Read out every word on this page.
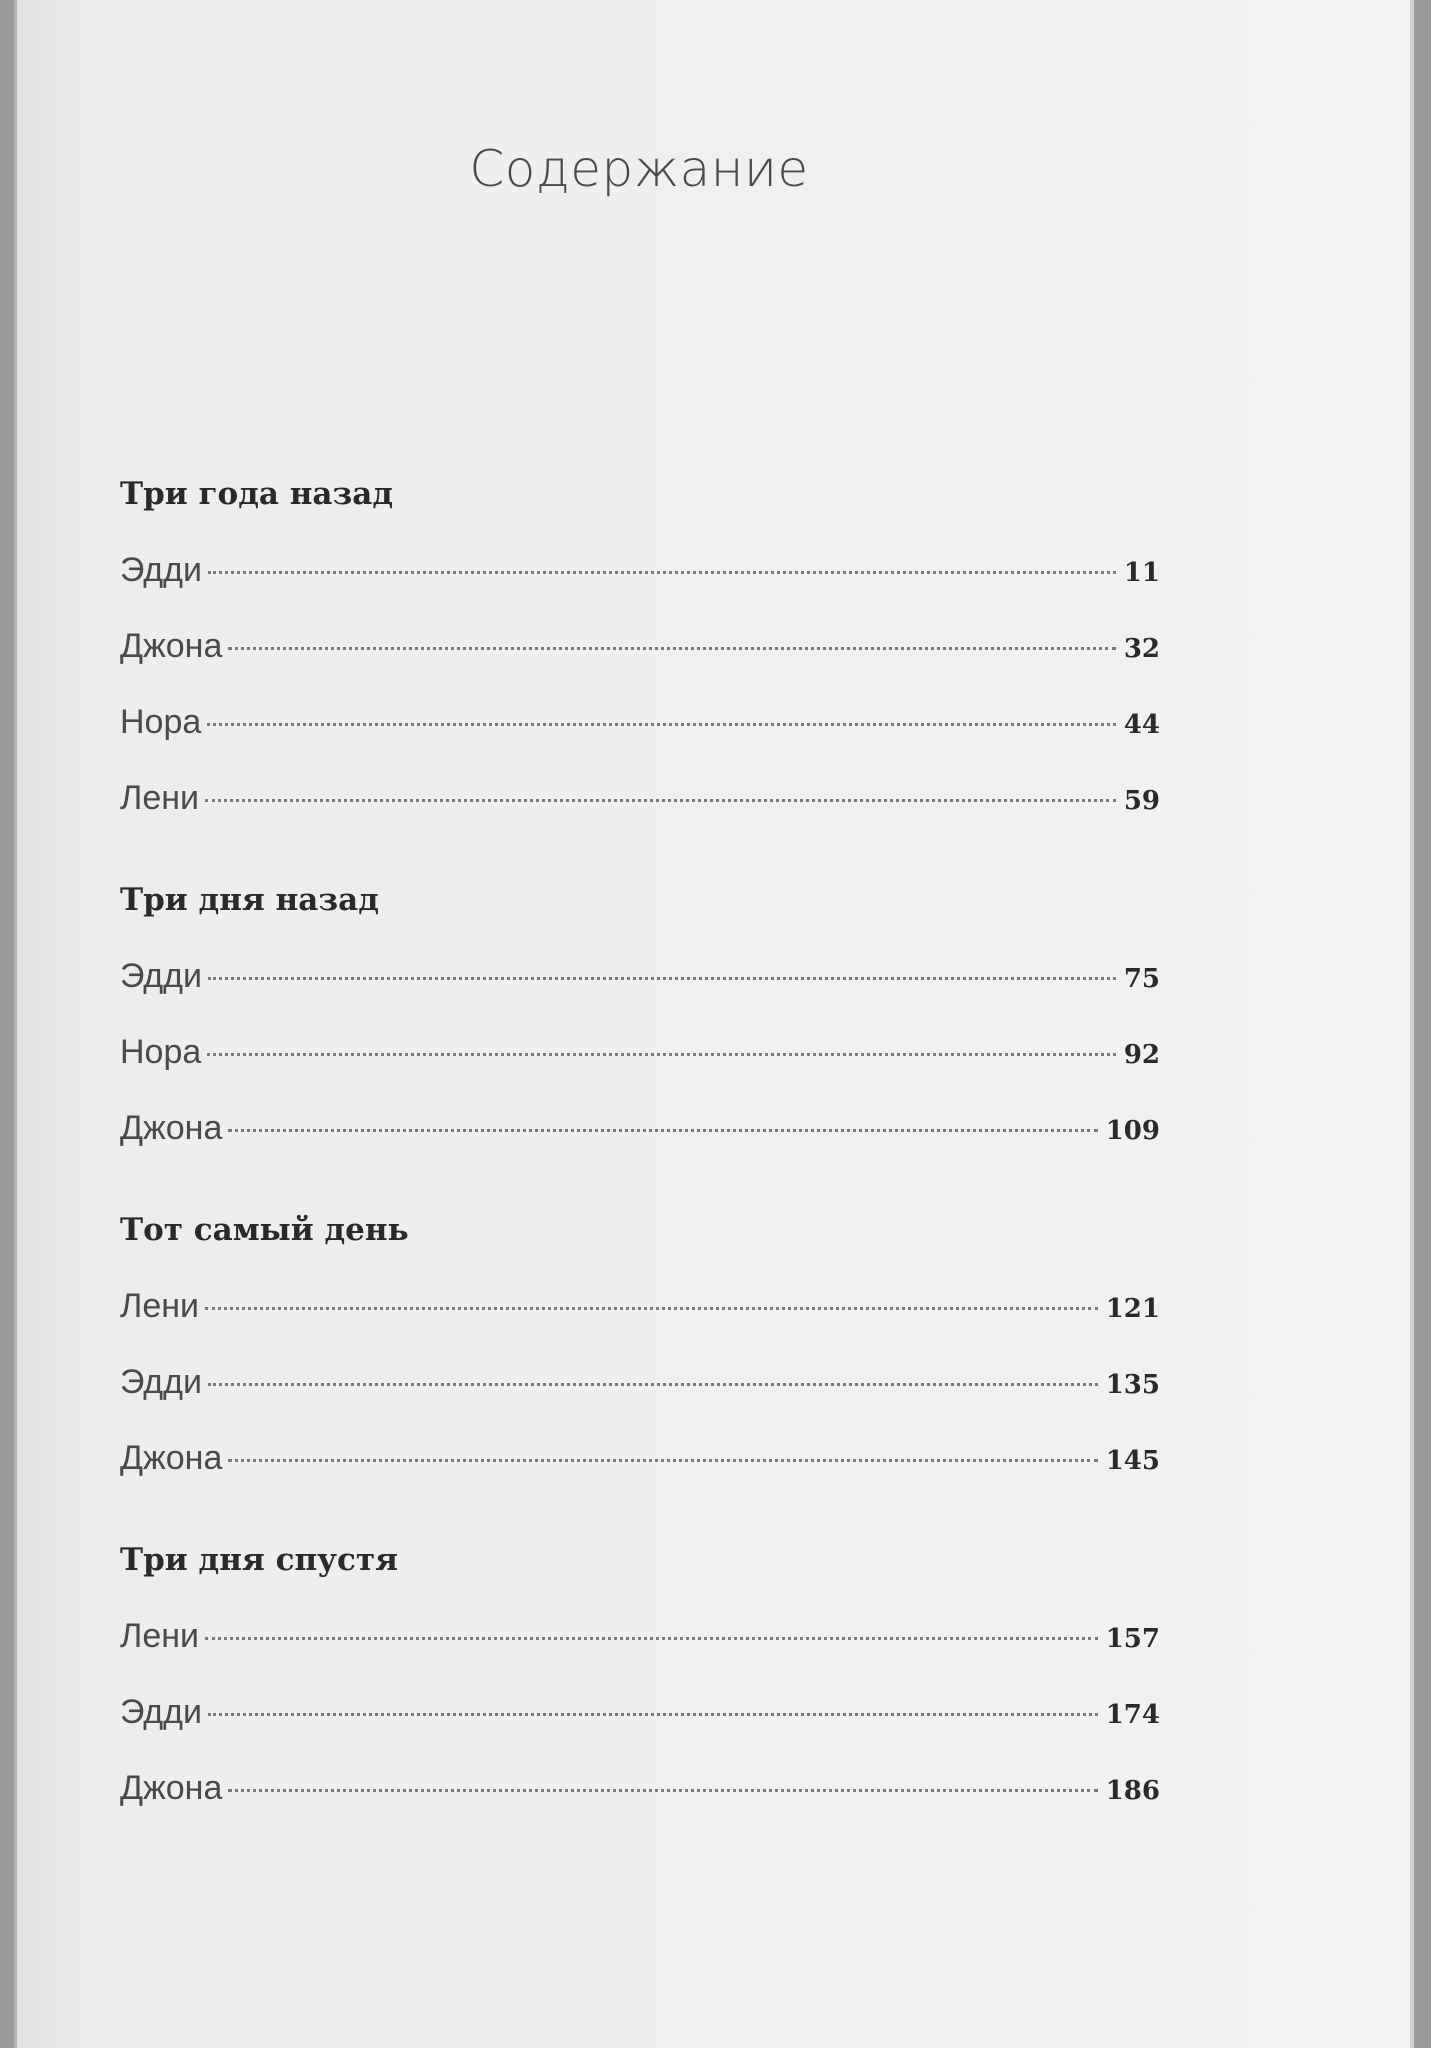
Содержание
Три года назад
Эдди	11
Джона	32
Нора	44
Лени	59
Три дня назад
Эдди	75
Нора	92
Джона	109
Тот самый день
Лени	121
Эдди	135
Джона	145
Три дня спустя
Лени	157
Эдди	174
Джона	186
